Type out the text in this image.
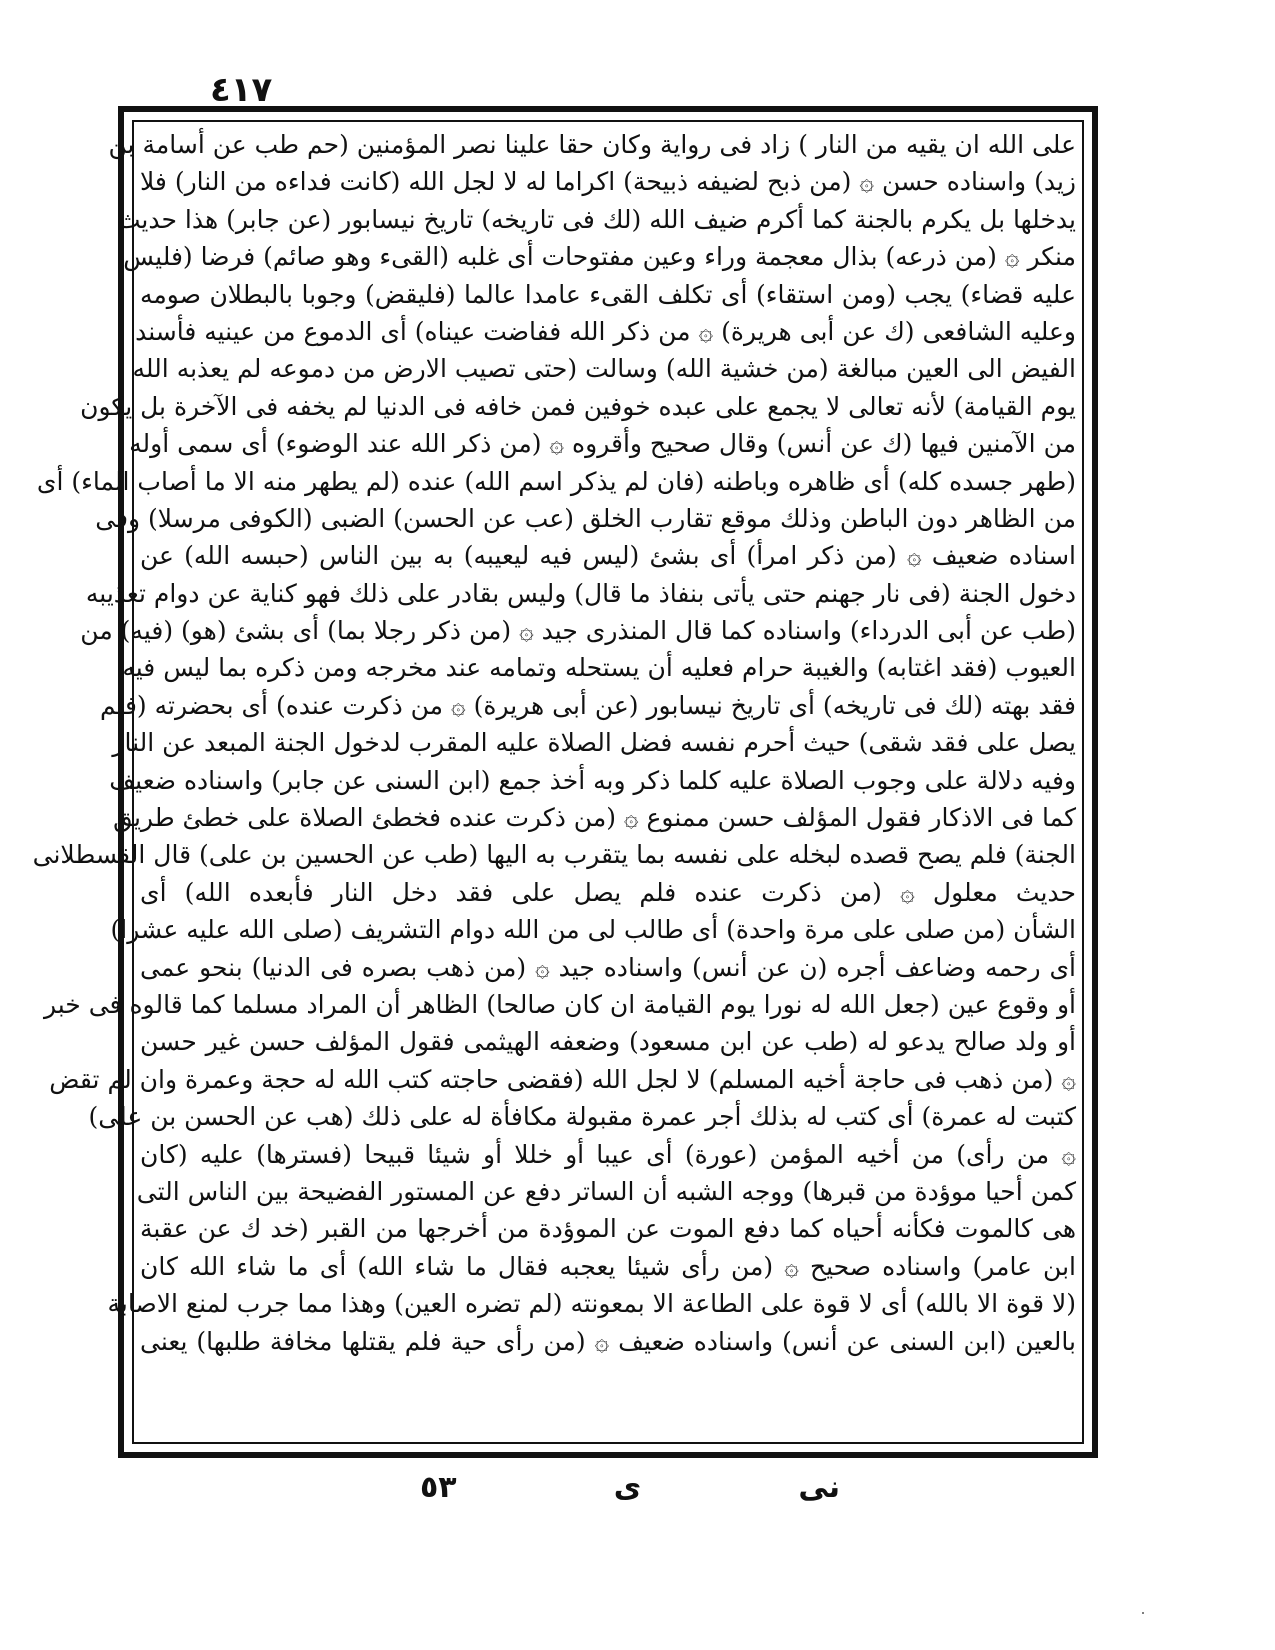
٤١٧
على الله ان يقيه من النار ) زاد فى رواية وكان حقا علينا نصر المؤمنين (حم طب عن أسامة بن
زيد) واسناده حسن ۞ (من ذبح لضيفه ذبيحة) اكراما له لا لجل الله (كانت فداءه من النار) فلا
يدخلها بل يكرم بالجنة كما أكرم ضيف الله (لك فى تاريخه) تاريخ نيسابور (عن جابر) هذا حديث
منكر ۞ (من ذرعه) بذال معجمة وراء وعين مفتوحات أى غلبه (القىء وهو صائم) فرضا (فليس
عليه قضاء) يجب (ومن استقاء) أى تكلف القىء عامدا عالما (فليقض) وجوبا بالبطلان صومه
وعليه الشافعى (ك عن أبى هريرة) ۞ من ذكر الله ففاضت عيناه) أى الدموع من عينيه فأسند
الفيض الى العين مبالغة (من خشية الله) وسالت (حتى تصيب الارض من دموعه لم يعذبه الله
يوم القيامة) لأنه تعالى لا يجمع على عبده خوفين فمن خافه فى الدنيا لم يخفه فى الآخرة بل يكون
من الآمنين فيها (ك عن أنس) وقال صحيح وأقروه ۞ (من ذكر الله عند الوضوء) أى سمى أوله
(طهر جسده كله) أى ظاهره وباطنه (فان لم يذكر اسم الله) عنده (لم يطهر منه الا ما أصاب الماء) أى
من الظاهر دون الباطن وذلك موقع تقارب الخلق (عب عن الحسن) الضبى (الكوفى مرسلا) وفى
اسناده ضعيف ۞ (من ذكر امرأ) أى بشئ (ليس فيه ليعيبه) به بين الناس (حبسه الله) عن
دخول الجنة (فى نار جهنم حتى يأتى بنفاذ ما قال) وليس بقادر على ذلك فهو كناية عن دوام تعذيبه
(طب عن أبى الدرداء) واسناده كما قال المنذرى جيد ۞ (من ذكر رجلا بما) أى بشئ (هو) (فيه) من
العيوب (فقد اغتابه) والغيبة حرام فعليه أن يستحله وتمامه عند مخرجه ومن ذكره بما ليس فيه
فقد بهته (لك فى تاريخه) أى تاريخ نيسابور (عن أبى هريرة) ۞ من ذكرت عنده) أى بحضرته (فلم
يصل على فقد شقى) حيث أحرم نفسه فضل الصلاة عليه المقرب لدخول الجنة المبعد عن النار
وفيه دلالة على وجوب الصلاة عليه كلما ذكر وبه أخذ جمع (ابن السنى عن جابر) واسناده ضعيف
كما فى الاذكار فقول المؤلف حسن ممنوع ۞ (من ذكرت عنده فخطئ الصلاة على خطئ طريق
الجنة) فلم يصح قصده لبخله على نفسه بما يتقرب به اليها (طب عن الحسين بن على) قال القسطلانى
حديث معلول ۞ (من ذكرت عنده فلم يصل على فقد دخل النار فأبعده الله) أى
الشأن (من صلى على مرة واحدة) أى طالب لى من الله دوام التشريف (صلى الله عليه عشرا)
أى رحمه وضاعف أجره (ن عن أنس) واسناده جيد ۞ (من ذهب بصره فى الدنيا) بنحو عمى
أو وقوع عين (جعل الله له نورا يوم القيامة ان كان صالحا) الظاهر أن المراد مسلما كما قالوه فى خبر
أو ولد صالح يدعو له (طب عن ابن مسعود) وضعفه الهيثمى فقول المؤلف حسن غير حسن
۞ (من ذهب فى حاجة أخيه المسلم) لا لجل الله (فقضى حاجته كتب الله له حجة وعمرة وان لم تقض
كتبت له عمرة) أى كتب له بذلك أجر عمرة مقبولة مكافأة له على ذلك (هب عن الحسن بن على)
۞ من رأى) من أخيه المؤمن (عورة) أى عيبا أو خللا أو شيئا قبيحا (فسترها) عليه (كان
كمن أحيا موؤدة من قبرها) ووجه الشبه أن الساتر دفع عن المستور الفضيحة بين الناس التى
هى كالموت فكأنه أحياه كما دفع الموت عن الموؤدة من أخرجها من القبر (خد ك عن عقبة
ابن عامر) واسناده صحيح ۞ (من رأى شيئا يعجبه فقال ما شاء الله) أى ما شاء الله كان
(لا قوة الا بالله) أى لا قوة على الطاعة الا بمعونته (لم تضره العين) وهذا مما جرب لمنع الاصابة
بالعين (ابن السنى عن أنس) واسناده ضعيف ۞ (من رأى حية فلم يقتلها مخافة طلبها) يعنى
نى
ى
٥٣
